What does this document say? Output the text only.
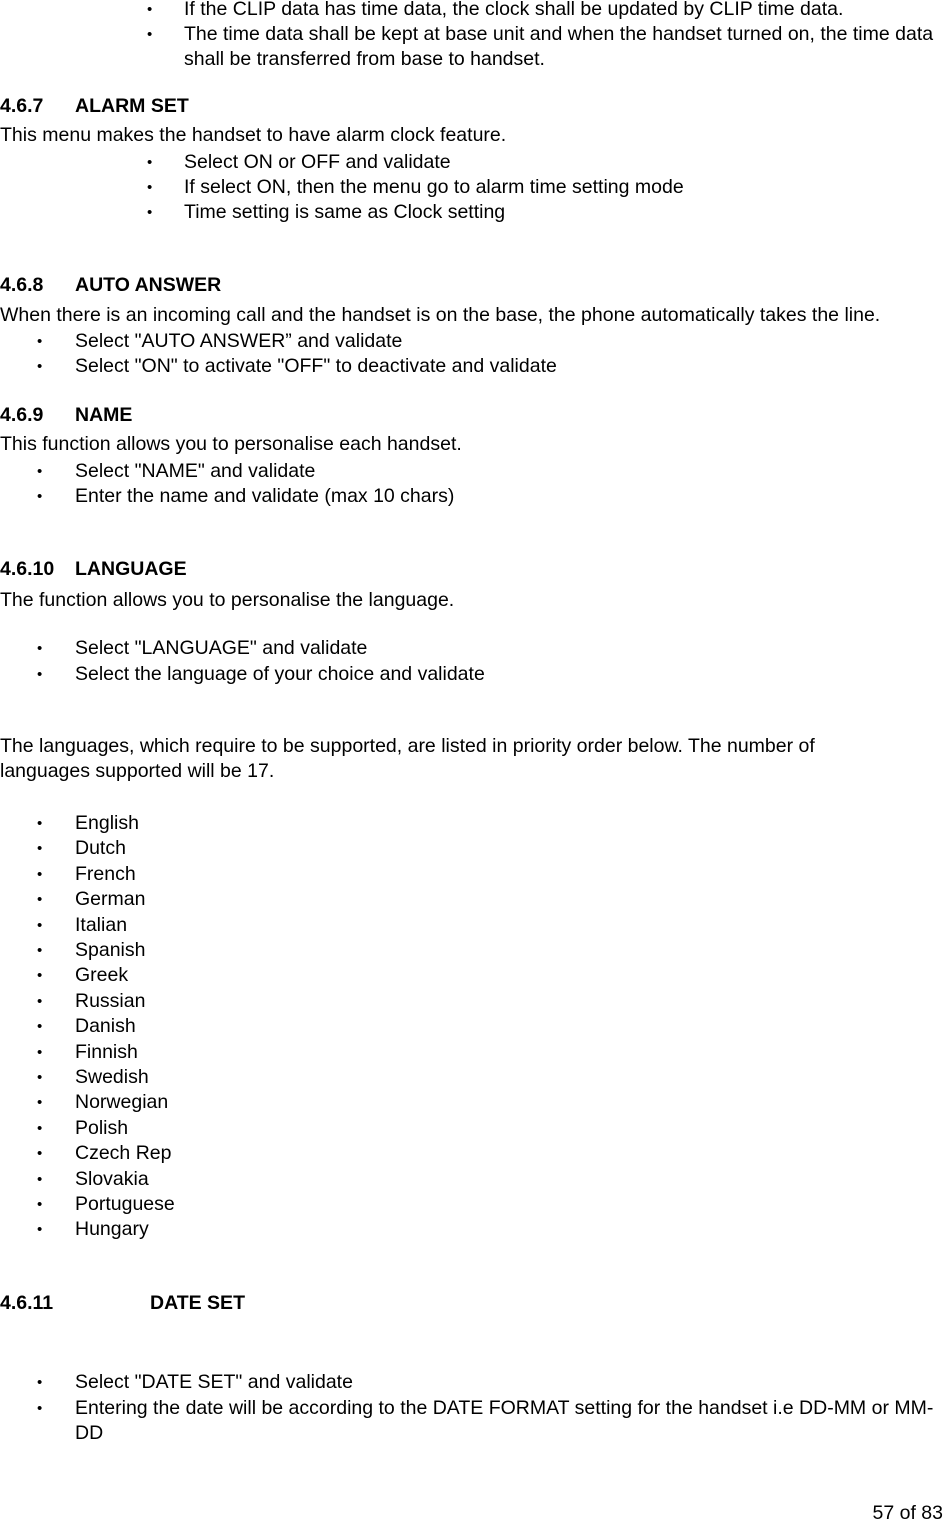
• If the CLIP data has time data, the clock shall be updated by CLIP time data.
• The time data shall be kept at base unit and when the handset turned on, the time data shall be transferred from base to handset.
4.6.7 ALARM SET
This menu makes the handset to have alarm clock feature.
• Select ON or OFF and validate
• If select ON, then the menu go to alarm time setting mode
• Time setting is same as Clock setting
4.6.8 AUTO ANSWER
When there is an incoming call and the handset is on the base, the phone automatically takes the line.
• Select "AUTO ANSWER” and validate
• Select "ON" to activate "OFF" to deactivate and validate
4.6.9 NAME
This function allows you to personalise each handset.
• Select "NAME" and validate
• Enter the name and validate (max 10 chars)
4.6.10 LANGUAGE
The function allows you to personalise the language.
• Select "LANGUAGE" and validate
• Select the language of your choice and validate
The languages, which require to be supported, are listed in priority order below. The number of languages supported will be 17.
• English
• Dutch
• French
• German
• Italian
• Spanish
• Greek
• Russian
• Danish
• Finnish
• Swedish
• Norwegian
• Polish
• Czech Rep
• Slovakia
• Portuguese
• Hungary
4.6.11	DATE SET
• Select "DATE SET" and validate
• Entering the date will be according to the DATE FORMAT setting for the handset i.e DD-MM or MM-DD
57 of 83
